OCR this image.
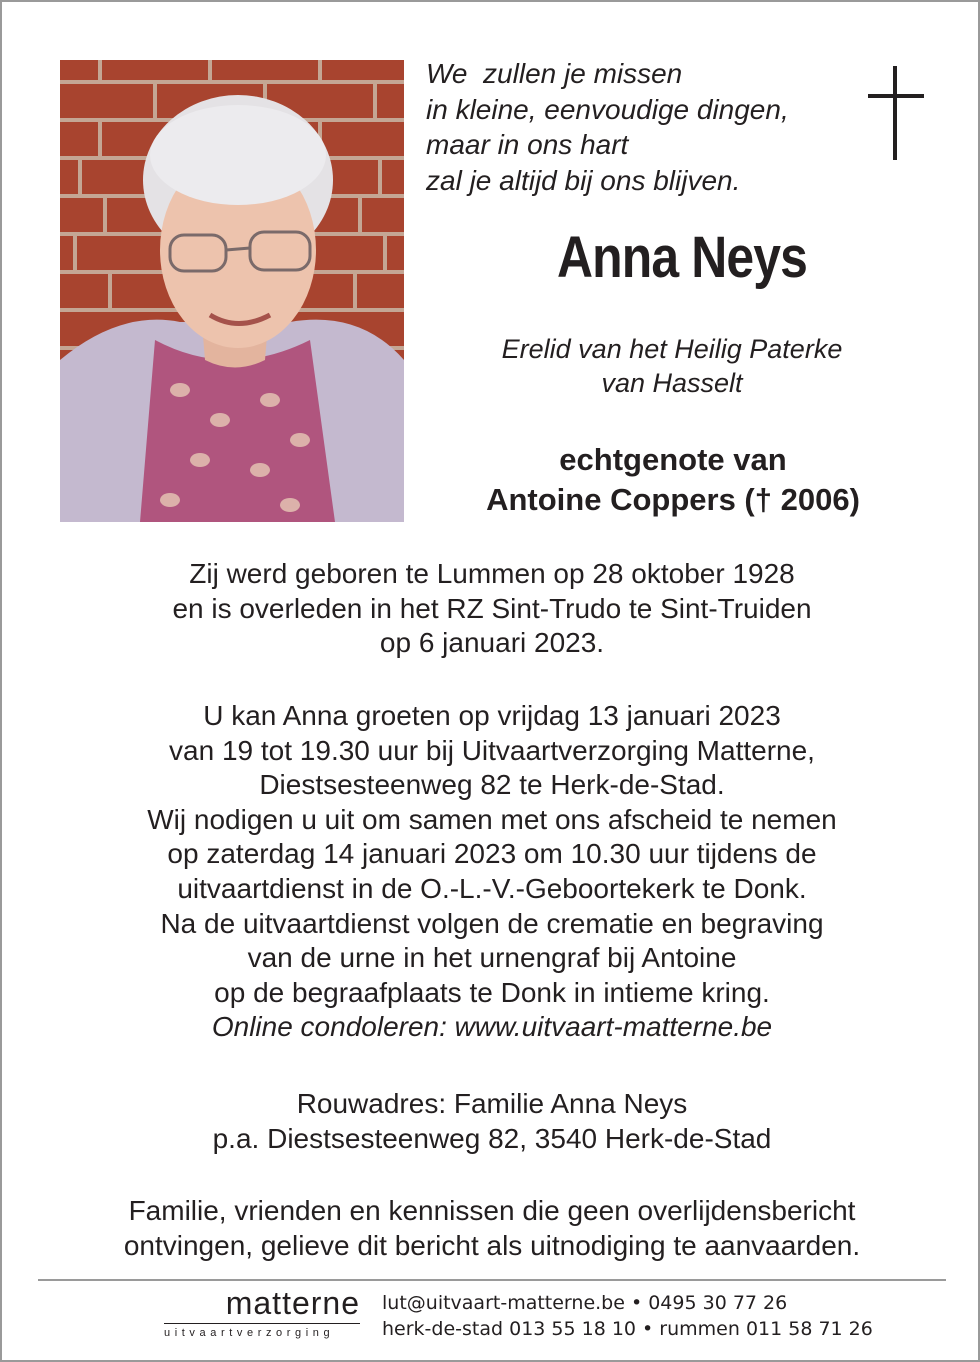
We  zullen je missen
in kleine, eenvoudige dingen,
maar in ons hart
zal je altijd bij ons blijven.
Anna Neys
Erelid van het Heilig Paterke
van Hasselt
echtgenote van
Antoine Coppers († 2006)
Zij werd geboren te Lummen op 28 oktober 1928
en is overleden in het RZ Sint-Trudo te Sint-Truiden
op 6 januari 2023.
U kan Anna groeten op vrijdag 13 januari 2023
van 19 tot 19.30 uur bij Uitvaartverzorging Matterne,
Diestsesteenweg 82 te Herk-de-Stad.
Wij nodigen u uit om samen met ons afscheid te nemen
op zaterdag 14 januari 2023 om 10.30 uur tijdens de
uitvaartdienst in de O.-L.-V.-Geboortekerk te Donk.
Na de uitvaartdienst volgen de crematie en begraving
van de urne in het urnengraf bij Antoine
op de begraafplaats te Donk in intieme kring.
Online condoleren: www.uitvaart-matterne.be
Rouwadres: Familie Anna Neys
p.a. Diestsesteenweg 82, 3540 Herk-de-Stad
Familie, vrienden en kennissen die geen overlijdensbericht
ontvingen, gelieve dit bericht als uitnodiging te aanvaarden.
matterne
uitvaartverzorging
lut@uitvaart-matterne.be • 0495 30 77 26
herk-de-stad 013 55 18 10 • rummen 011 58 71 26
